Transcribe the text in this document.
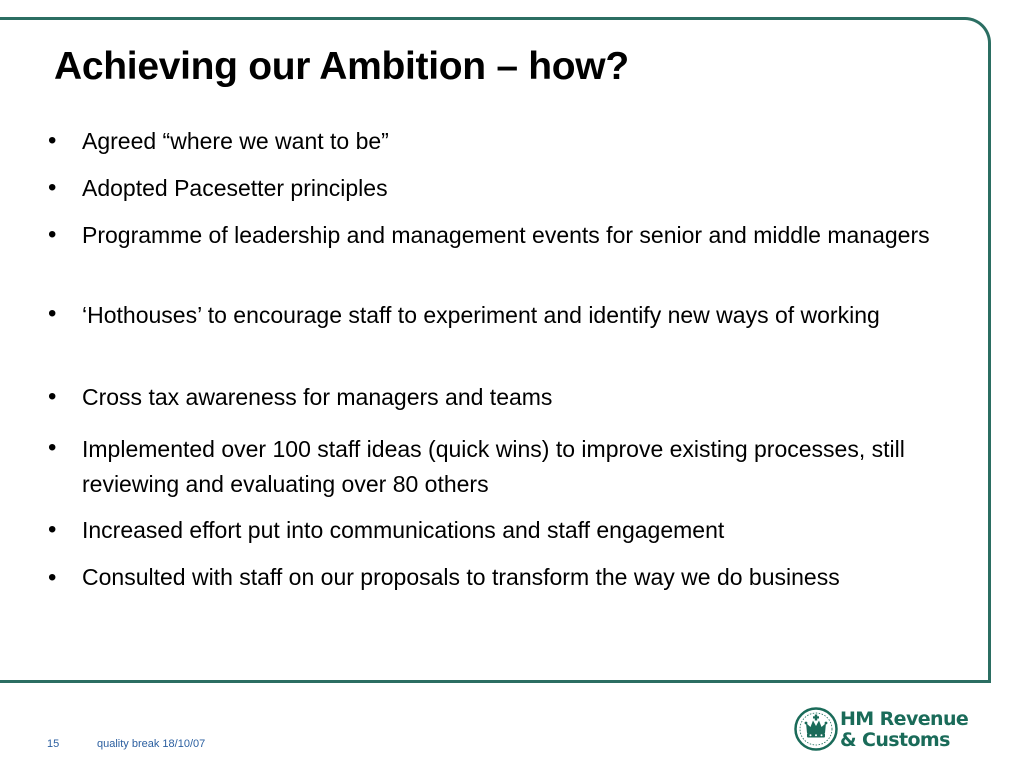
Achieving our Ambition – how?
• Agreed “where we want to be”
• Adopted Pacesetter principles
• Programme of leadership and management events for senior and middle managers
• ‘Hothouses’ to encourage staff to experiment and identify new ways of working
• Cross tax awareness for managers and teams
• Implemented over 100 staff ideas (quick wins) to improve existing processes, still reviewing and evaluating over 80 others
• Increased effort put into communications and staff engagement
• Consulted with staff on our proposals to transform the way we do business
15	quality break 18/10/07
HM Revenue
& Customs
